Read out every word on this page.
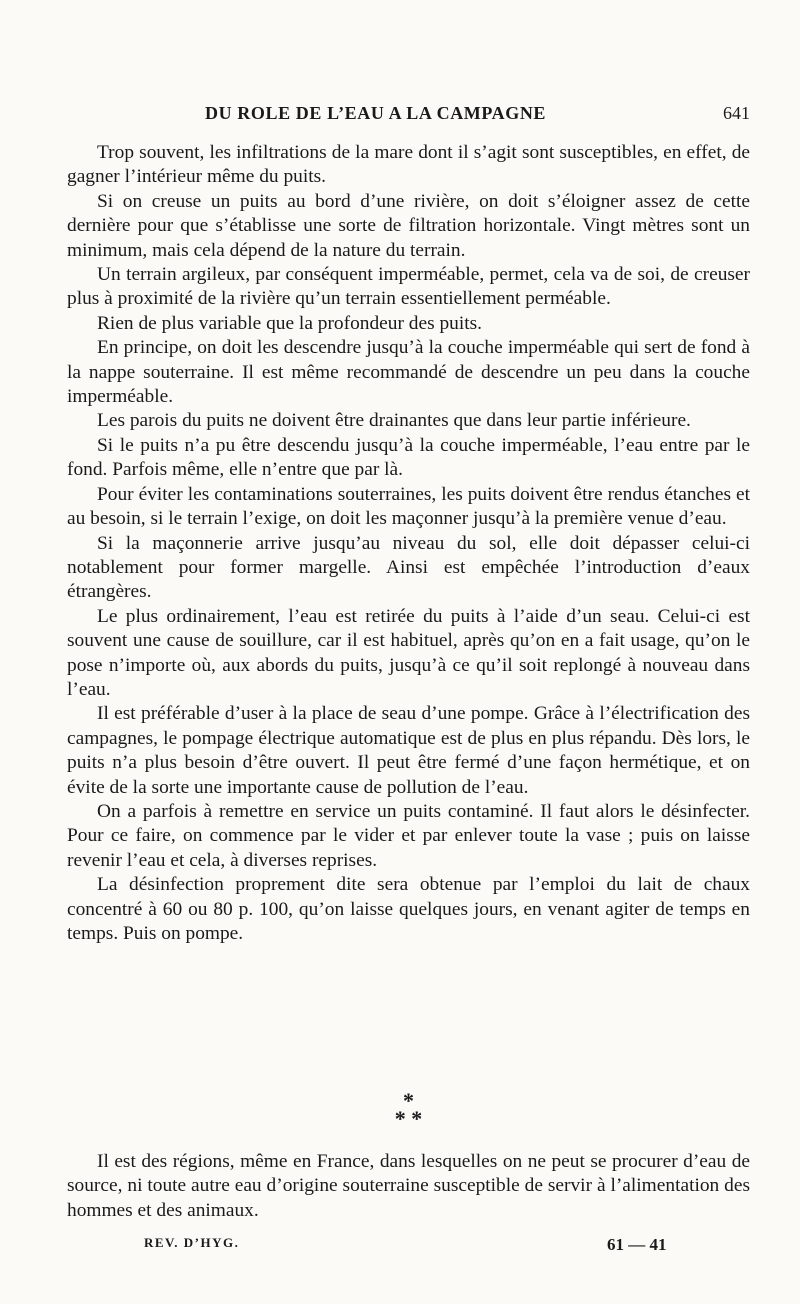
DU ROLE DE L’EAU A LA CAMPAGNE	641

Trop souvent, les infiltrations de la mare dont il s’agit sont susceptibles, en effet, de gagner l’intérieur même du puits.

Si on creuse un puits au bord d’une rivière, on doit s’éloigner assez de cette dernière pour que s’établisse une sorte de filtration horizontale. Vingt mètres sont un minimum, mais cela dépend de la nature du terrain.

Un terrain argileux, par conséquent imperméable, permet, cela va de soi, de creuser plus à proximité de la rivière qu’un terrain essentiellement perméable.

Rien de plus variable que la profondeur des puits.

En principe, on doit les descendre jusqu’à la couche imperméable qui sert de fond à la nappe souterraine. Il est même recommandé de descendre un peu dans la couche imperméable.

Les parois du puits ne doivent être drainantes que dans leur partie inférieure.

Si le puits n’a pu être descendu jusqu’à la couche imperméable, l’eau entre par le fond. Parfois même, elle n’entre que par là.

Pour éviter les contaminations souterraines, les puits doivent être rendus étanches et au besoin, si le terrain l’exige, on doit les maçonner jusqu’à la première venue d’eau.

Si la maçonnerie arrive jusqu’au niveau du sol, elle doit dépasser celui-ci notablement pour former margelle. Ainsi est empêchée l’introduction d’eaux étrangères.

Le plus ordinairement, l’eau est retirée du puits à l’aide d’un seau. Celui-ci est souvent une cause de souillure, car il est habituel, après qu’on en a fait usage, qu’on le pose n’importe où, aux abords du puits, jusqu’à ce qu’il soit replongé à nouveau dans l’eau.

Il est préférable d’user à la place de seau d’une pompe. Grâce à l’électrification des campagnes, le pompage électrique automatique est de plus en plus répandu. Dès lors, le puits n’a plus besoin d’être ouvert. Il peut être fermé d’une façon hermétique, et on évite de la sorte une importante cause de pollution de l’eau.

On a parfois à remettre en service un puits contaminé. Il faut alors le désinfecter. Pour ce faire, on commence par le vider et par enlever toute la vase ; puis on laisse revenir l’eau et cela, à diverses reprises.

La désinfection proprement dite sera obtenue par l’emploi du lait de chaux concentré à 60 ou 80 p. 100, qu’on laisse quelques jours, en venant agiter de temps en temps. Puis on pompe.

*
* *

Il est des régions, même en France, dans lesquelles on ne peut se procurer d’eau de source, ni toute autre eau d’origine souterraine susceptible de servir à l’alimentation des hommes et des animaux.

REV. D’HYG.	61 — 41
